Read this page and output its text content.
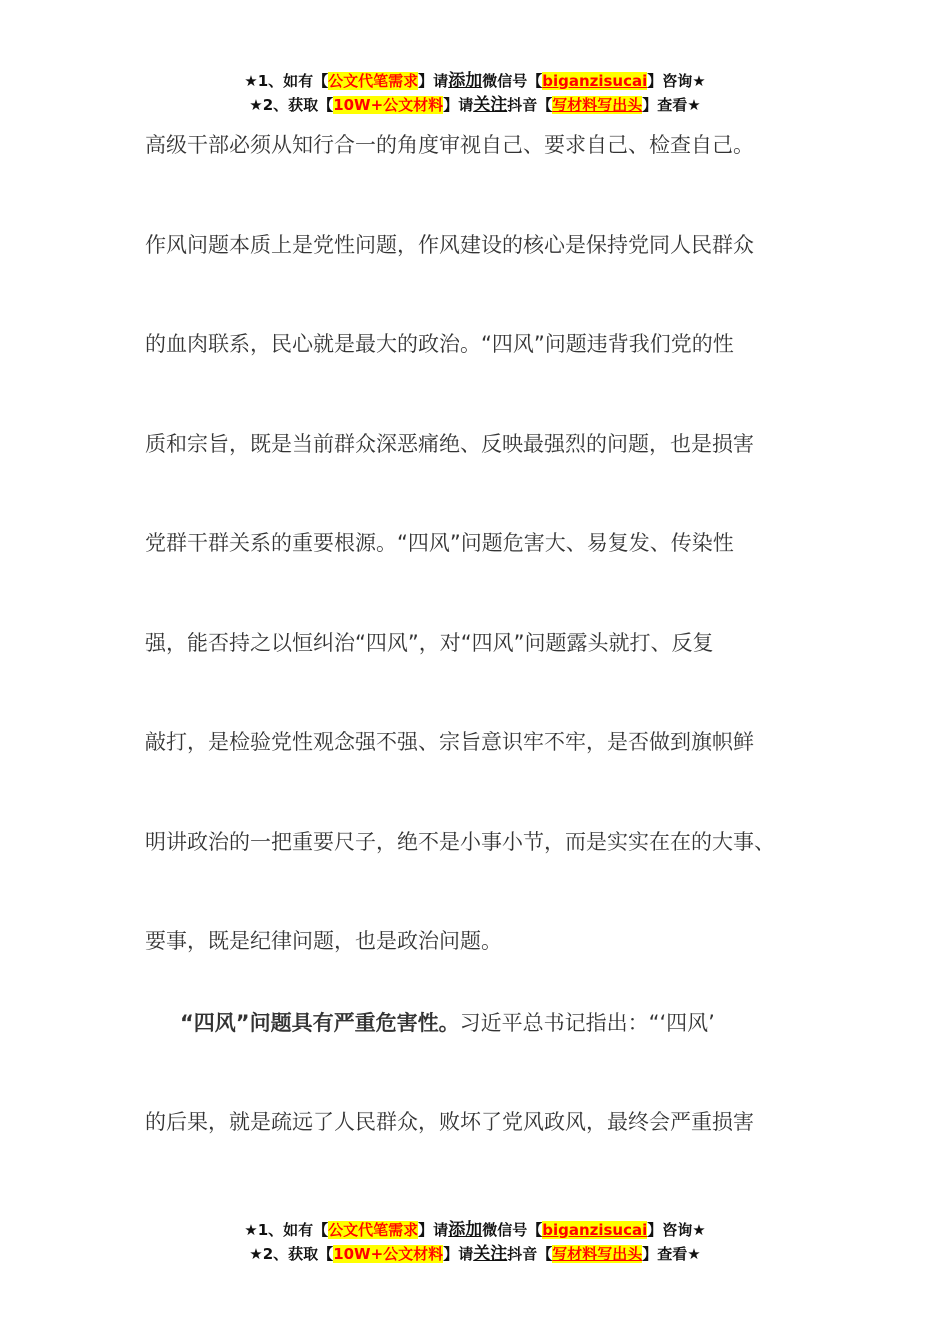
★1、如有【公文代笔需求】请添加微信号【biganzisucai】咨询★
★2、获取【10W+公文材料】请关注抖音【写材料写出头】查看★
高级干部必须从知行合一的角度审视自己、要求自己、检查自己。
作风问题本质上是党性问题，作风建设的核心是保持党同人民群众
的血肉联系，民心就是最大的政治。“四风”问题违背我们党的性
质和宗旨，既是当前群众深恶痛绝、反映最强烈的问题，也是损害
党群干群关系的重要根源。“四风”问题危害大、易复发、传染性
强，能否持之以恒纠治“四风”，对“四风”问题露头就打、反复
敲打，是检验党性观念强不强、宗旨意识牢不牢，是否做到旗帜鲜
明讲政治的一把重要尺子，绝不是小事小节，而是实实在在的大事、
要事，既是纪律问题，也是政治问题。
“四风”问题具有严重危害性。习近平总书记指出：“‘四风’
的后果，就是疏远了人民群众，败坏了党风政风，最终会严重损害
★1、如有【公文代笔需求】请添加微信号【biganzisucai】咨询★
★2、获取【10W+公文材料】请关注抖音【写材料写出头】查看★
